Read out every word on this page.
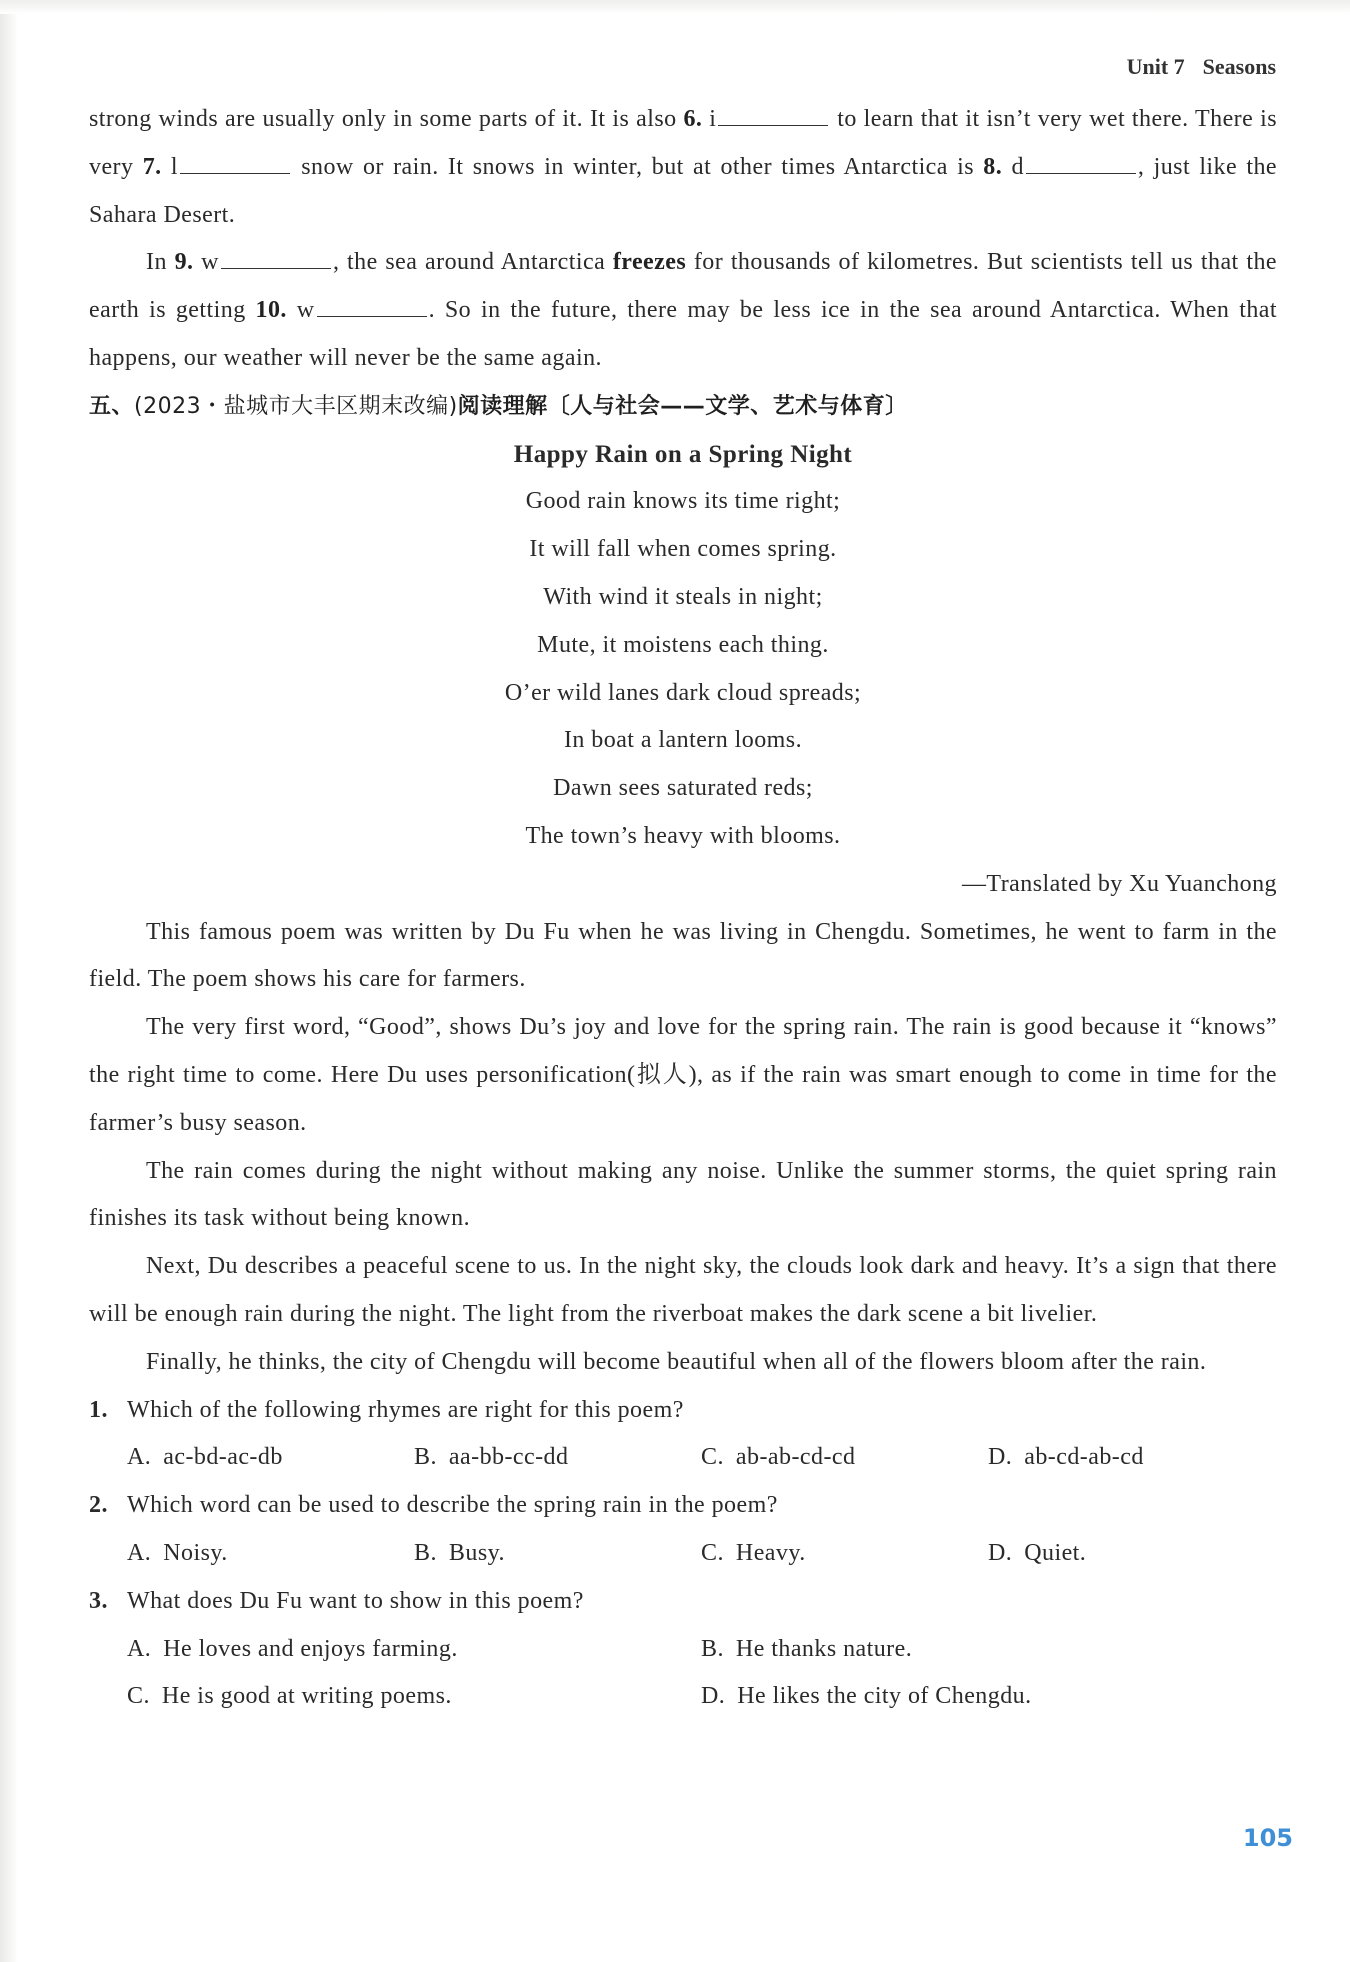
Unit 7 Seasons

strong winds are usually only in some parts of it. It is also 6. i	to learn that it isn’t very wet there. There is very 7. l	snow or rain. It snows in winter, but at other times Antarctica is 8. d	, just like the Sahara Desert.

In 9. w	, the sea around Antarctica freezes for thousands of kilometres. But scientists tell us that the earth is getting 10. w	. So in the future, there may be less ice in the sea around Antarctica. When that happens, our weather will never be the same again.

五、(2023・盐城市大丰区期末改编)阅读理解〔人与社会——文学、艺术与体育〕
Happy Rain on a Spring Night
Good rain knows its time right;
It will fall when comes spring.
With wind it steals in night;
Mute, it moistens each thing.
O’er wild lanes dark cloud spreads;
In boat a lantern looms.
Dawn sees saturated reds;
The town’s heavy with blooms.
—Translated by Xu Yuanchong

This famous poem was written by Du Fu when he was living in Chengdu. Sometimes, he went to farm in the field. The poem shows his care for farmers.

The very first word, “Good”, shows Du’s joy and love for the spring rain. The rain is good because it “knows” the right time to come. Here Du uses personification(拟人), as if the rain was smart enough to come in time for the farmer’s busy season.

The rain comes during the night without making any noise. Unlike the summer storms, the quiet spring rain finishes its task without being known.

Next, Du describes a peaceful scene to us. In the night sky, the clouds look dark and heavy. It’s a sign that there will be enough rain during the night. The light from the riverboat makes the dark scene a bit livelier.

Finally, he thinks, the city of Chengdu will become beautiful when all of the flowers bloom after the rain.

1. Which of the following rhymes are right for this poem?
A. ac-bd-ac-db	B. aa-bb-cc-dd	C. ab-ab-cd-cd	D. ab-cd-ab-cd
2. Which word can be used to describe the spring rain in the poem?
A. Noisy.	B. Busy.	C. Heavy.	D. Quiet.
3. What does Du Fu want to show in this poem?
A. He loves and enjoys farming.	B. He thanks nature.
C. He is good at writing poems.	D. He likes the city of Chengdu.
105
